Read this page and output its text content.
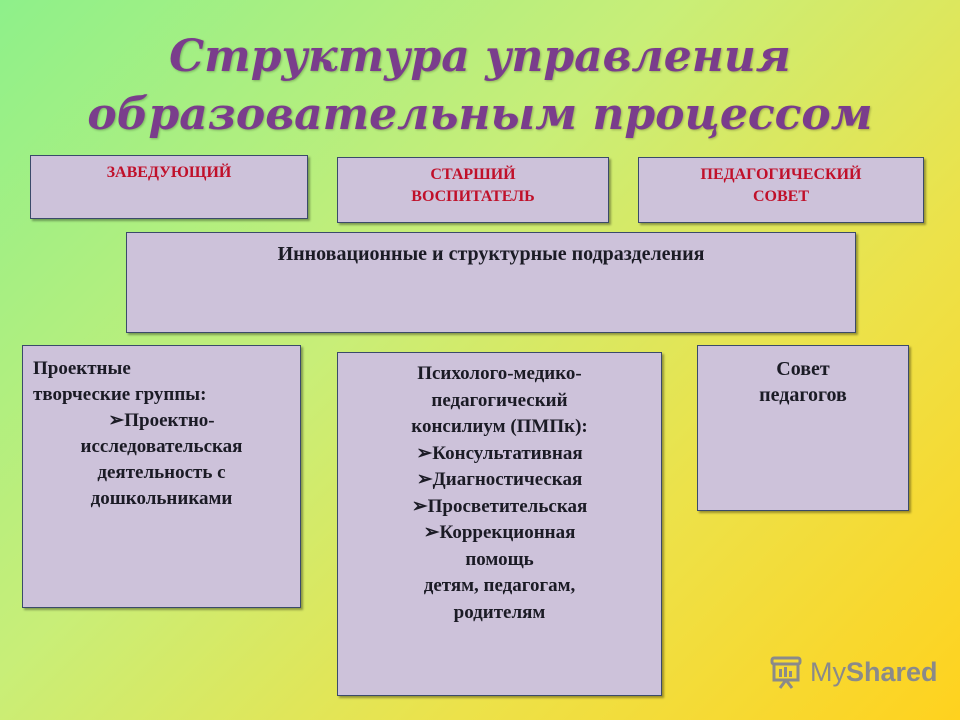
Структура управления
образовательным процессом
ЗАВЕДУЮЩИЙ	СТАРШИЙ
ВОСПИТАТЕЛЬ
ПЕДАГОГИЧЕСКИЙ
СОВЕТ
Инновационные и структурные подразделения
Проектные
творческие группы:
➢Проектно-
исследовательская
деятельность с
дошкольниками
Психолого-медико-
педагогический
консилиум (ПМПк):
➢Консультативная
➢Диагностическая
➢Просветительская
➢Коррекционная
помощь
детям, педагогам,
родителям
Совет
педагогов
My Shared
